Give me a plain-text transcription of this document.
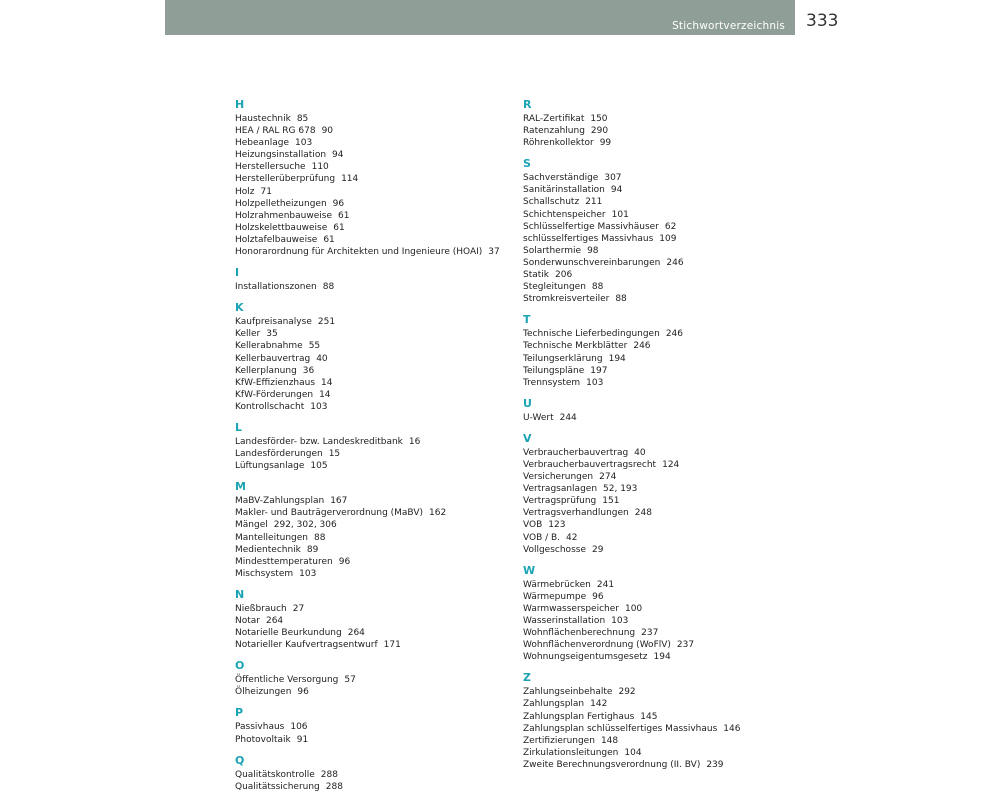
Stichwortverzeichnis 333
H
Haustechnik 85
HEA / RAL RG 678 90
Hebeanlage 103
Heizungsinstallation 94
Herstellersuche 110
Herstellerüberprüfung 114
Holz 71
Holzpelletheizungen 96
Holzrahmenbauweise 61
Holzskelettbauweise 61
Holztafelbauweise 61
Honorarordnung für Architekten und Ingenieure (HOAI) 37
I
Installationszonen 88
K
Kaufpreisanalyse 251
Keller 35
Kellerabnahme 55
Kellerbauvertrag 40
Kellerplanung 36
KfW-Effizienzhaus 14
KfW-Förderungen 14
Kontrollschacht 103
L
Landesförder- bzw. Landeskreditbank 16
Landesförderungen 15
Lüftungsanlage 105
M
MaBV-Zahlungsplan 167
Makler- und Bauträgerverordnung (MaBV) 162
Mängel 292, 302, 306
Mantelleitungen 88
Medientechnik 89
Mindesttemperaturen 96
Mischsystem 103
N
Nießbrauch 27
Notar 264
Notarielle Beurkundung 264
Notarieller Kaufvertragsentwurf 171
O
Öffentliche Versorgung 57
Ölheizungen 96
P
Passivhaus 106
Photovoltaik 91
Q
Qualitätskontrolle 288
Qualitätssicherung 288
R
RAL-Zertifikat 150
Ratenzahlung 290
Röhrenkollektor 99
S
Sachverständige 307
Sanitärinstallation 94
Schallschutz 211
Schichtenspeicher 101
Schlüsselfertige Massivhäuser 62
schlüsselfertiges Massivhaus 109
Solarthermie 98
Sonderwunschvereinbarungen 246
Statik 206
Stegleitungen 88
Stromkreisverteiler 88
T
Technische Lieferbedingungen 246
Technische Merkblätter 246
Teilungserklärung 194
Teilungspläne 197
Trennsystem 103
U
U-Wert 244
V
Verbraucherbauvertrag 40
Verbraucherbauvertragsrecht 124
Versicherungen 274
Vertragsanlagen 52, 193
Vertragsprüfung 151
Vertragsverhandlungen 248
VOB 123
VOB / B. 42
Vollgeschosse 29
W
Wärmebrücken 241
Wärmepumpe 96
Warmwasserspeicher 100
Wasserinstallation 103
Wohnflächenberechnung 237
Wohnflächenverordnung (WoFlV) 237
Wohnungseigentumsgesetz 194
Z
Zahlungseinbehalte 292
Zahlungsplan 142
Zahlungsplan Fertighaus 145
Zahlungsplan schlüsselfertiges Massivhaus 146
Zertifizierungen 148
Zirkulationsleitungen 104
Zweite Berechnungsverordnung (II. BV) 239
